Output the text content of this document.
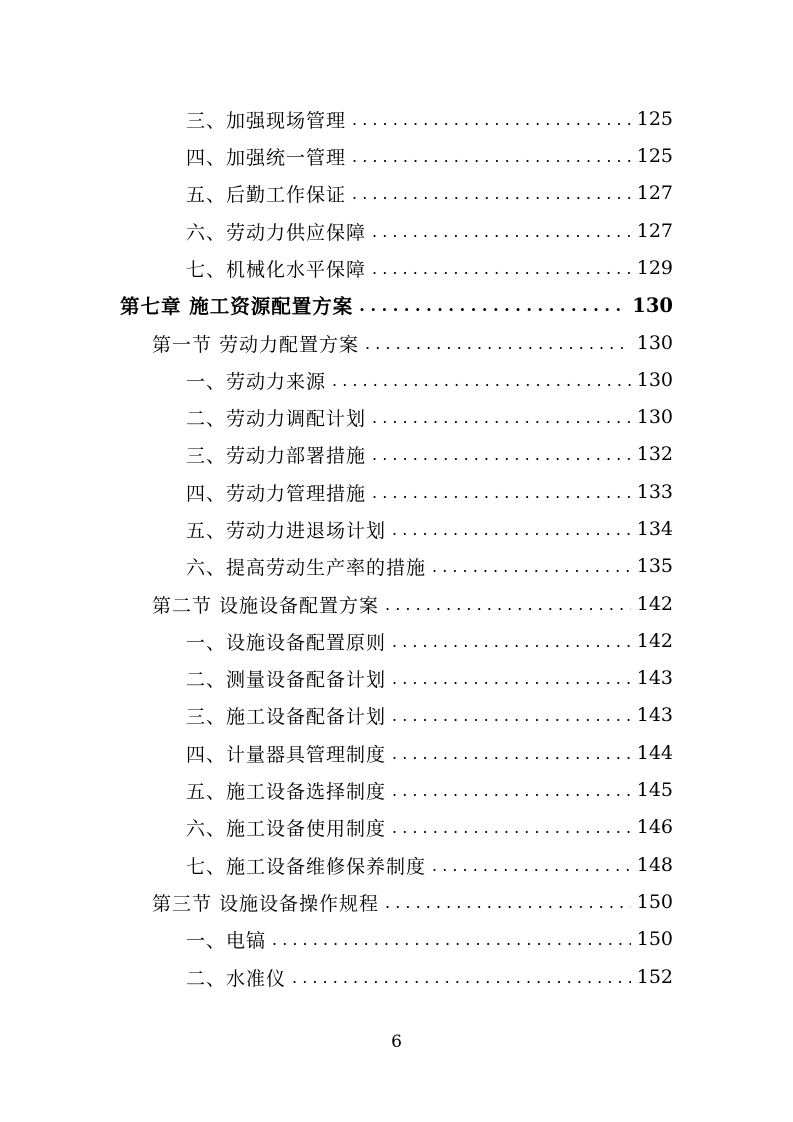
三、加强现场管理 . . .	125
四、加强统一管理 . . .	125
五、后勤工作保证 . . .	127
六、劳动力供应保障 . . .	127
七、机械化水平保障 . . .	129
第七章 施工资源配置方案 . . .	130
第一节 劳动力配置方案 . . .	130
一、劳动力来源 . . .	130
二、劳动力调配计划 . . .	130
三、劳动力部署措施 . . .	132
四、劳动力管理措施 . . .	133
五、劳动力进退场计划 . . .	134
六、提高劳动生产率的措施 . . .	135
第二节 设施设备配置方案 . . .	142
一、设施设备配置原则 . . .	142
二、测量设备配备计划 . . .	143
三、施工设备配备计划 . . .	143
四、计量器具管理制度 . . .	144
五、施工设备选择制度 . . .	145
六、施工设备使用制度 . . .	146
七、施工设备维修保养制度 . . .	148
第三节 设施设备操作规程 . . .	150
一、电镐 . . .	150
二、水准仪 . . .	152
6
